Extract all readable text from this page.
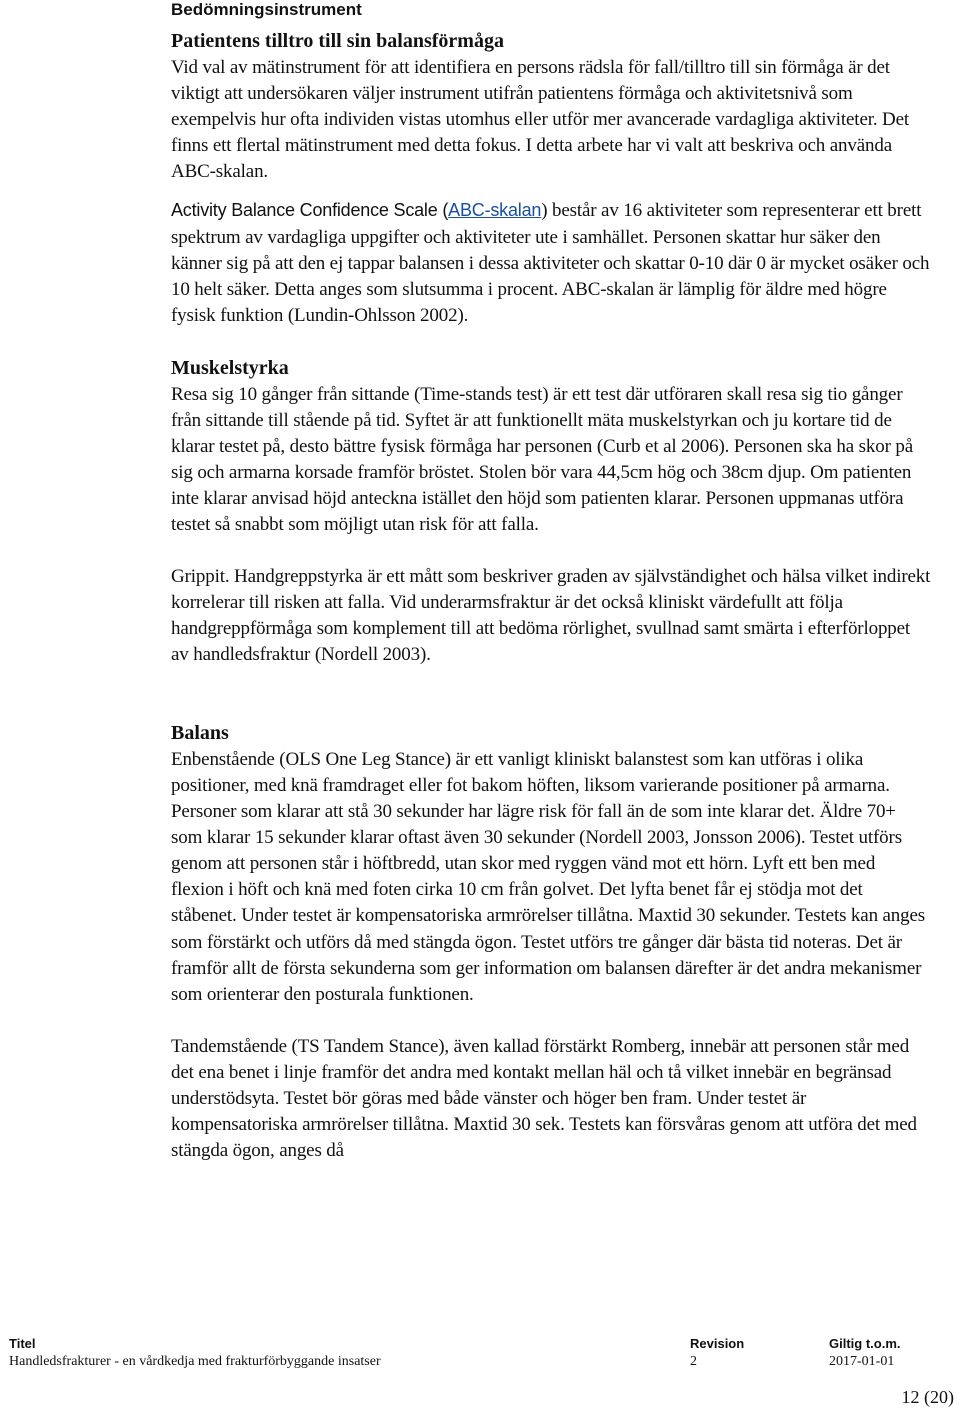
Bedömningsinstrument
Patientens tilltro till sin balansförmåga

Vid val av mätinstrument för att identifiera en persons rädsla för fall/tilltro till sin förmåga är det viktigt att undersökaren väljer instrument utifrån patientens förmåga och aktivitetsnivå som exempelvis hur ofta individen vistas utomhus eller utför mer avancerade vardagliga aktiviteter. Det finns ett flertal mätinstrument med detta fokus. I detta arbete har vi valt att beskriva och använda ABC-skalan.

Activity Balance Confidence Scale (ABC-skalan) består av 16 aktiviteter som representerar ett brett spektrum av vardagliga uppgifter och aktiviteter ute i samhället. Personen skattar hur säker den känner sig på att den ej tappar balansen i dessa aktiviteter och skattar 0-10 där 0 är mycket osäker och 10 helt säker. Detta anges som slutsumma i procent. ABC-skalan är lämplig för äldre med högre fysisk funktion (Lundin-Ohlsson 2002).

Muskelstyrka

Resa sig 10 gånger från sittande (Time-stands test) är ett test där utföraren skall resa sig tio gånger från sittande till stående på tid. Syftet är att funktionellt mäta muskelstyrkan och ju kortare tid de klarar testet på, desto bättre fysisk förmåga har personen (Curb et al 2006). Personen ska ha skor på sig och armarna korsade framför bröstet. Stolen bör vara 44,5cm hög och 38cm djup. Om patienten inte klarar anvisad höjd anteckna istället den höjd som patienten klarar. Personen uppmanas utföra testet så snabbt som möjligt utan risk för att falla.

Grippit. Handgreppstyrka är ett mått som beskriver graden av självständighet och hälsa vilket indirekt korrelerar till risken att falla. Vid underarmsfraktur är det också kliniskt värdefullt att följa handgreppförmåga som komplement till att bedöma rörlighet, svullnad samt smärta i efterförloppet av handledsfraktur (Nordell 2003).

Balans

Enbenstående (OLS One Leg Stance) är ett vanligt kliniskt balanstest som kan utföras i olika positioner, med knä framdraget eller fot bakom höften, liksom varierande positioner på armarna. Personer som klarar att stå 30 sekunder har lägre risk för fall än de som inte klarar det. Äldre 70+ som klarar 15 sekunder klarar oftast även 30 sekunder (Nordell 2003, Jonsson 2006). Testet utförs genom att personen står i höftbredd, utan skor med ryggen vänd mot ett hörn. Lyft ett ben med flexion i höft och knä med foten cirka 10 cm från golvet. Det lyfta benet får ej stödja mot det ståbenet. Under testet är kompensatoriska armrörelser tillåtna. Maxtid 30 sekunder. Testets kan anges som förstärkt och utförs då med stängda ögon. Testet utförs tre gånger där bästa tid noteras. Det är framför allt de första sekunderna som ger information om balansen därefter är det andra mekanismer som orienterar den posturala funktionen.

Tandemstående (TS Tandem Stance), även kallad förstärkt Romberg, innebär att personen står med det ena benet i linje framför det andra med kontakt mellan häl och tå vilket innebär en begränsad understödsyta. Testet bör göras med både vänster och höger ben fram. Under testet är kompensatoriska armrörelser tillåtna. Maxtid 30 sek. Testets kan försvåras genom att utföra det med stängda ögon, anges då

Titel
Handledsfrakturer - en vårdkedja med frakturförbyggande insatser
Revision
2
Giltig t.o.m.
2017-01-01
12 (20)
